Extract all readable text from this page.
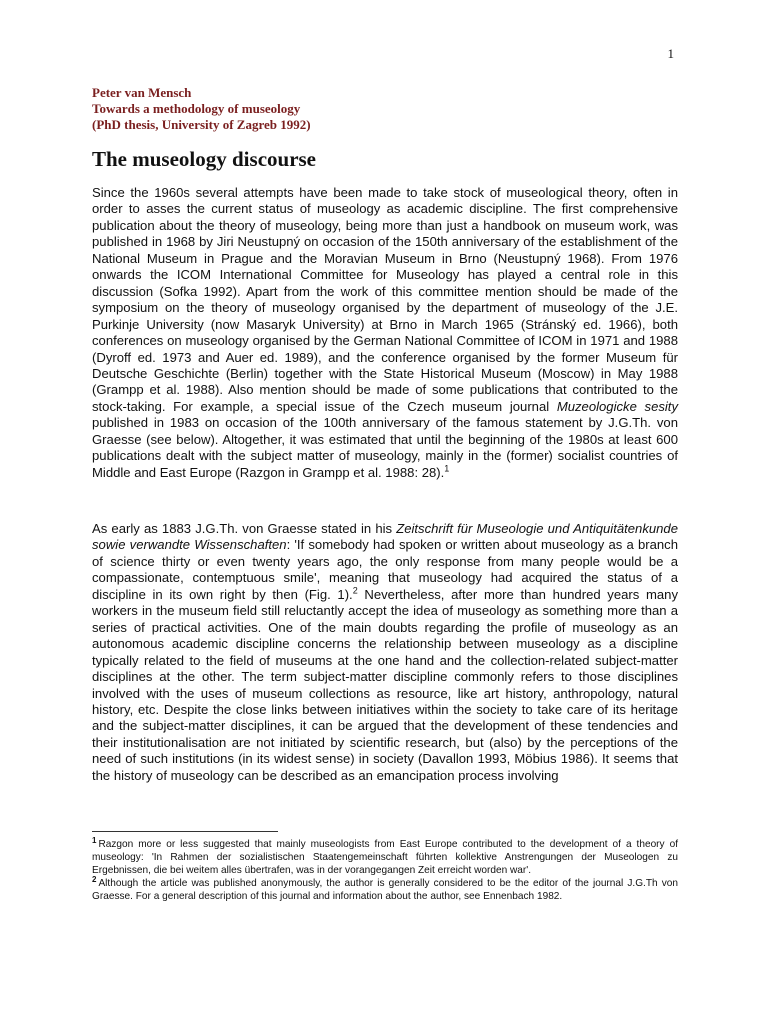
1
Peter van Mensch
Towards a methodology of museology
(PhD thesis, University of Zagreb 1992)
The museology discourse

Since the 1960s several attempts have been made to take stock of museological theory, often in order to asses the current status of museology as academic discipline. The first comprehensive publication about the theory of museology, being more than just a handbook on museum work, was published in 1968 by Jiri Neustupný on occasion of the 150th anniversary of the establishment of the National Museum in Prague and the Moravian Museum in Brno (Neustupný 1968). From 1976 onwards the ICOM International Committee for Museology has played a central role in this discussion (Sofka 1992). Apart from the work of this committee mention should be made of the symposium on the theory of museology organised by the department of museology of the J.E. Purkinje University (now Masaryk University) at Brno in March 1965 (Stránský ed. 1966), both conferences on museology organised by the German National Committee of ICOM in 1971 and 1988 (Dyroff ed. 1973 and Auer ed. 1989), and the conference organised by the former Museum für Deutsche Geschichte (Berlin) together with the State Historical Museum (Moscow) in May 1988 (Grampp et al. 1988). Also mention should be made of some publications that contributed to the stock-taking. For example, a special issue of the Czech museum journal Muzeologicke sesity published in 1983 on occasion of the 100th anniversary of the famous statement by J.G.Th. von Graesse (see below). Altogether, it was estimated that until the beginning of the 1980s at least 600 publications dealt with the subject matter of museology, mainly in the (former) socialist countries of Middle and East Europe (Razgon in Grampp et al. 1988: 28).$^1$

As early as 1883 J.G.Th. von Graesse stated in his Zeitschrift für Museologie und Antiquitätenkunde sowie verwandte Wissenschaften: 'If somebody had spoken or written about museology as a branch of science thirty or even twenty years ago, the only response from many people would be a compassionate, contemptuous smile', meaning that museology had acquired the status of a discipline in its own right by then (Fig. 1).$^2$ Nevertheless, after more than hundred years many workers in the museum field still reluctantly accept the idea of museology as something more than a series of practical activities. One of the main doubts regarding the profile of museology as an autonomous academic discipline concerns the relationship between museology as a discipline typically related to the field of museums at the one hand and the collection-related subject-matter disciplines at the other. The term subject-matter discipline commonly refers to those disciplines involved with the uses of museum collections as resource, like art history, anthropology, natural history, etc. Despite the close links between initiatives within the society to take care of its heritage and the subject-matter disciplines, it can be argued that the development of these tendencies and their institutionalisation are not initiated by scientific research, but (also) by the perceptions of the need of such institutions (in its widest sense) in society (Davallon 1993, Möbius 1986). It seems that the history of museology can be described as an emancipation process involving

$^1$ Razgon more or less suggested that mainly museologists from East Europe contributed to the development of a theory of museology: 'In Rahmen der sozialistischen Staatengemeinschaft führten kollektive Anstrengungen der Museologen zu Ergebnissen, die bei weitem alles übertrafen, was in der vorangegangen Zeit erreicht worden war'.

$^2$ Although the article was published anonymously, the author is generally considered to be the editor of the journal J.G.Th von Graesse. For a general description of this journal and information about the author, see Ennenbach 1982.
